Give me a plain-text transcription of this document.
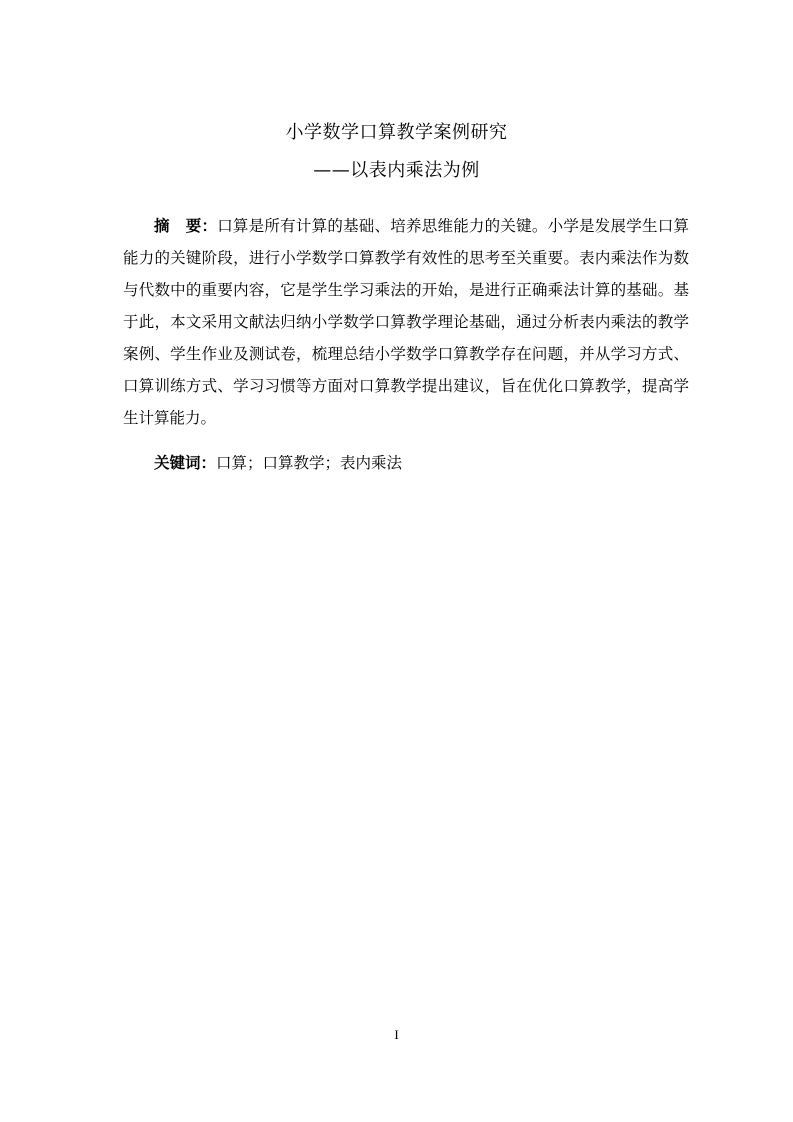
小学数学口算教学案例研究
——以表内乘法为例

摘要：口算是所有计算的基础、培养思维能力的关键。小学是发展学生口算能力的关键阶段，进行小学数学口算教学有效性的思考至关重要。表内乘法作为数与代数中的重要内容，它是学生学习乘法的开始，是进行正确乘法计算的基础。基于此，本文采用文献法归纳小学数学口算教学理论基础，通过分析表内乘法的教学案例、学生作业及测试卷，梳理总结小学数学口算教学存在问题，并从学习方式、口算训练方式、学习习惯等方面对口算教学提出建议，旨在优化口算教学，提高学生计算能力。

关键词：口算；口算教学；表内乘法

I
